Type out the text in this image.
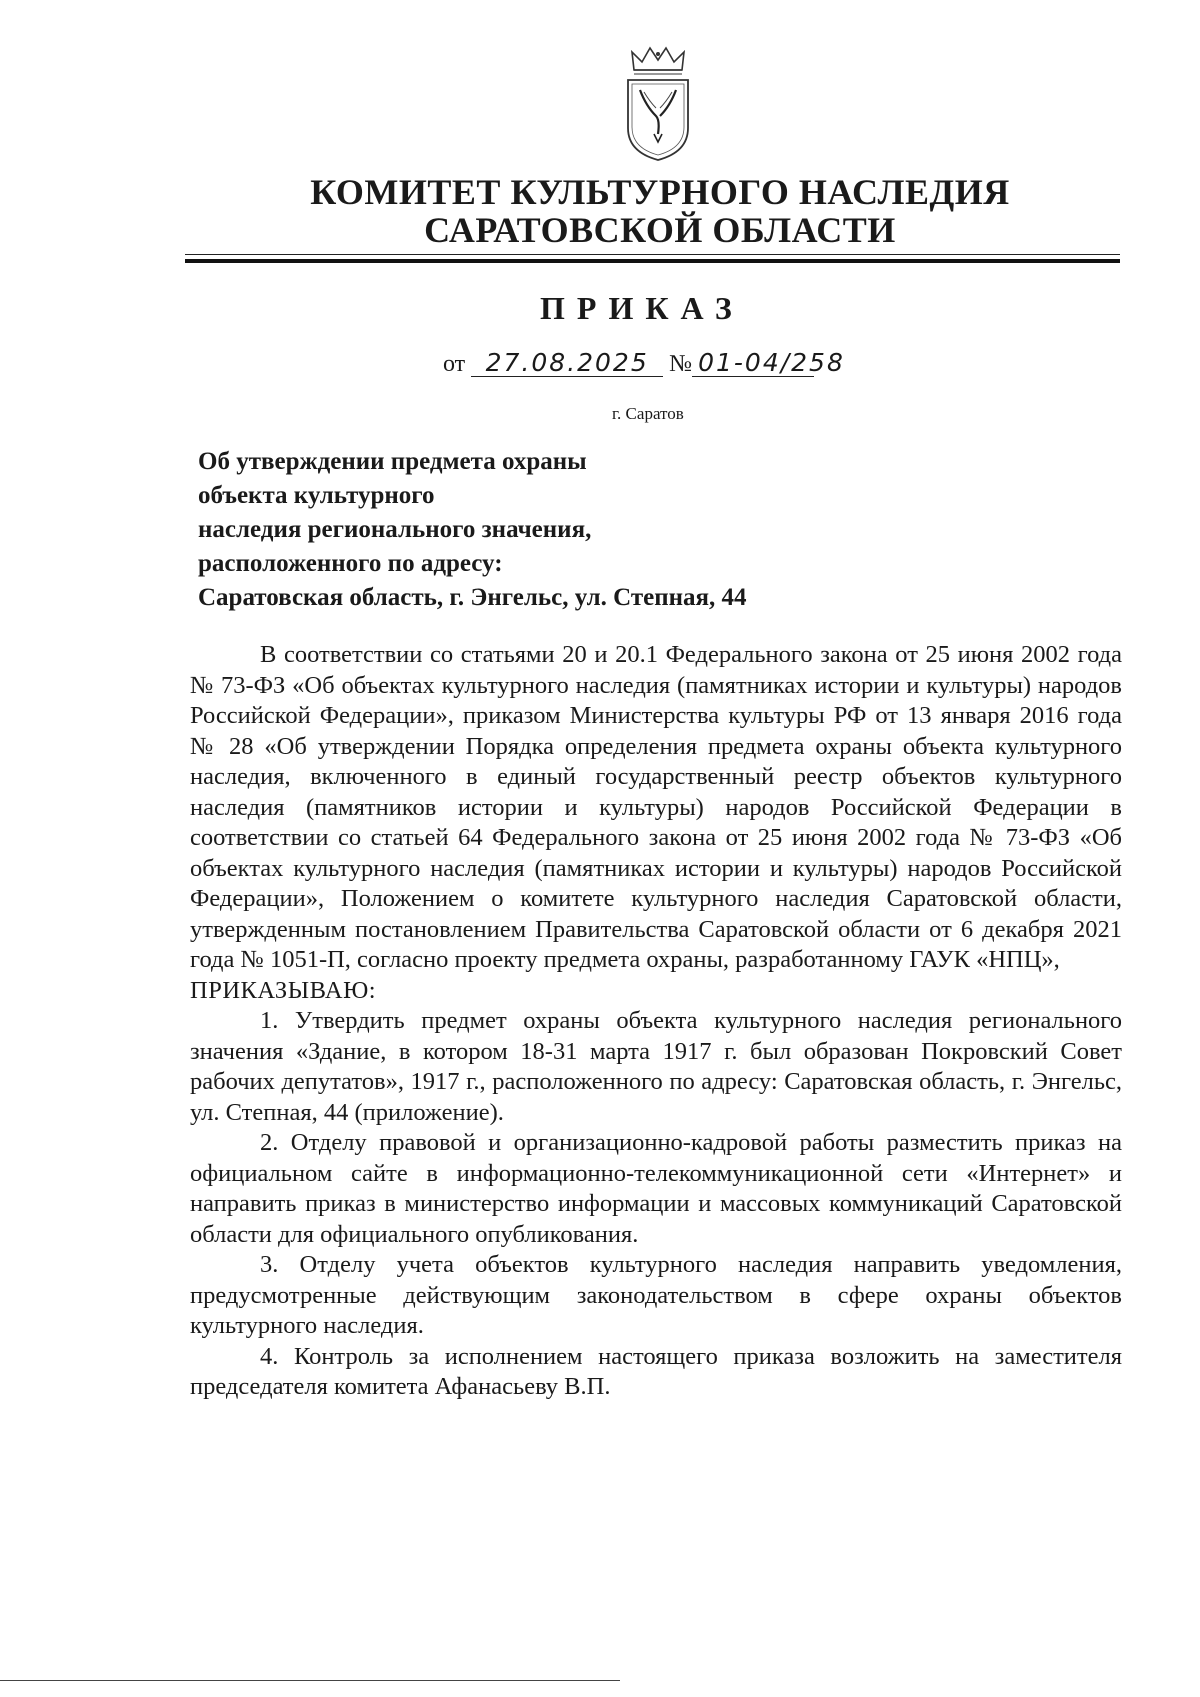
КОМИТЕТ КУЛЬТУРНОГО НАСЛЕДИЯ
САРАТОВСКОЙ ОБЛАСТИ
ПРИКАЗ
от 27.08.2025 № 01-04/258
г. Саратов
Об утверждении предмета охраны
объекта культурного
наследия регионального значения,
расположенного по адресу:
Саратовская область, г. Энгельс, ул. Степная, 44

В соответствии со статьями 20 и 20.1 Федерального закона от 25 июня 2002 года № 73-ФЗ «Об объектах культурного наследия (памятниках истории и культуры) народов Российской Федерации», приказом Министерства культуры РФ от 13 января 2016 года № 28 «Об утверждении Порядка определения предмета охраны объекта культурного наследия, включенного в единый государственный реестр объектов культурного наследия (памятников истории и культуры) народов Российской Федерации в соответствии со статьей 64 Федерального закона от 25 июня 2002 года № 73-ФЗ «Об объектах культурного наследия (памятниках истории и культуры) народов Российской Федерации», Положением о комитете культурного наследия Саратовской области, утвержденным постановлением Правительства Саратовской области от 6 декабря 2021 года № 1051-П, согласно проекту предмета охраны, разработанному ГАУК «НПЦ»,
ПРИКАЗЫВАЮ:

1. Утвердить предмет охраны объекта культурного наследия регионального значения «Здание, в котором 18-31 марта 1917 г. был образован Покровский Совет рабочих депутатов», 1917 г., расположенного по адресу: Саратовская область, г. Энгельс, ул. Степная, 44 (приложение).

2. Отделу правовой и организационно-кадровой работы разместить приказ на официальном сайте в информационно-телекоммуникационной сети «Интернет» и направить приказ в министерство информации и массовых коммуникаций Саратовской области для официального опубликования.

3. Отделу учета объектов культурного наследия направить уведомления, предусмотренные действующим законодательством в сфере охраны объектов культурного наследия.

4. Контроль за исполнением настоящего приказа возложить на заместителя председателя комитета Афанасьеву В.П.
